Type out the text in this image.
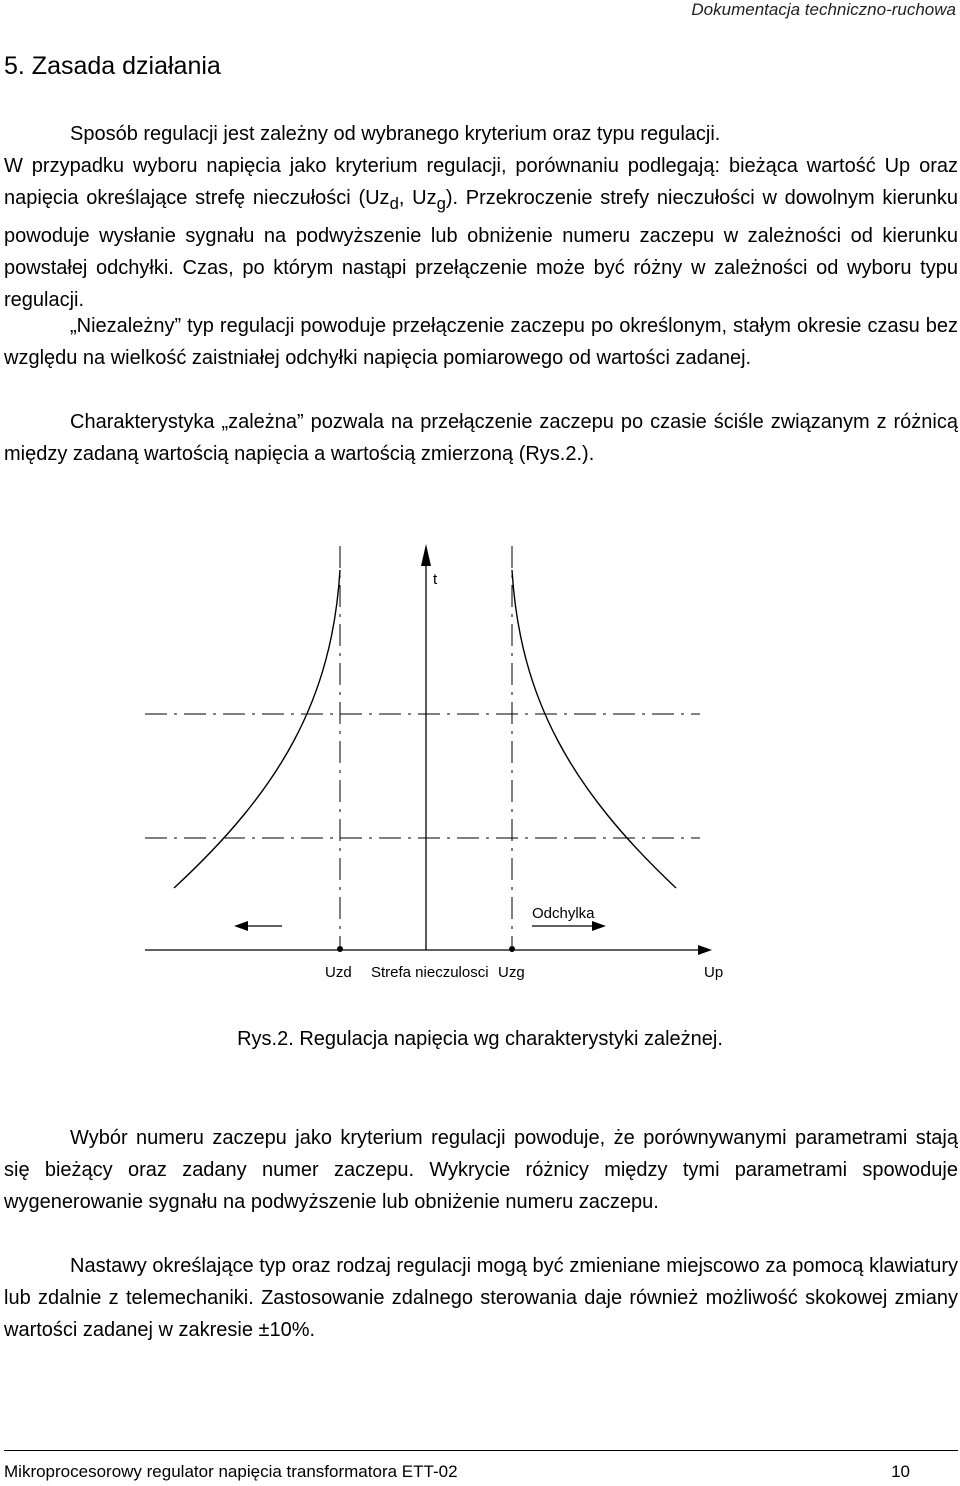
Dokumentacja techniczno-ruchowa
5. Zasada działania

Sposób regulacji jest zależny od wybranego kryterium oraz typu regulacji.

W przypadku wyboru napięcia jako kryterium regulacji, porównaniu podlegają: bieżąca wartość Up oraz napięcia określające strefę nieczułości ($Uz_d$, $Uz_g$). Przekroczenie strefy nieczułości w dowolnym kierunku powoduje wysłanie sygnału na podwyższenie lub obniżenie numeru zaczepu w zależności od kierunku powstałej odchyłki. Czas, po którym nastąpi przełączenie może być różny w zależności od wyboru typu regulacji.

„Niezależny” typ regulacji powoduje przełączenie zaczepu po określonym, stałym okresie czasu bez względu na wielkość zaistniałej odchyłki napięcia pomiarowego od wartości zadanej.

Charakterystyka „zależna” pozwala na przełączenie zaczepu po czasie ściśle związanym z różnicą między zadaną wartością napięcia a wartością zmierzoną (Rys.2.).

t
Odchylka
Uzd Strefa nieczulosci Uzg	Up
Rys.2. Regulacja napięcia wg charakterystyki zależnej.

Wybór numeru zaczepu jako kryterium regulacji powoduje, że porównywanymi parametrami stają się bieżący oraz zadany numer zaczepu. Wykrycie różnicy między tymi parametrami spowoduje wygenerowanie sygnału na podwyższenie lub obniżenie numeru zaczepu.

Nastawy określające typ oraz rodzaj regulacji mogą być zmieniane miejscowo za pomocą klawiatury lub zdalnie z telemechaniki. Zastosowanie zdalnego sterowania daje również możliwość skokowej zmiany wartości zadanej w zakresie ±10%.

Mikroprocesorowy regulator napięcia transformatora ETT-02	10
